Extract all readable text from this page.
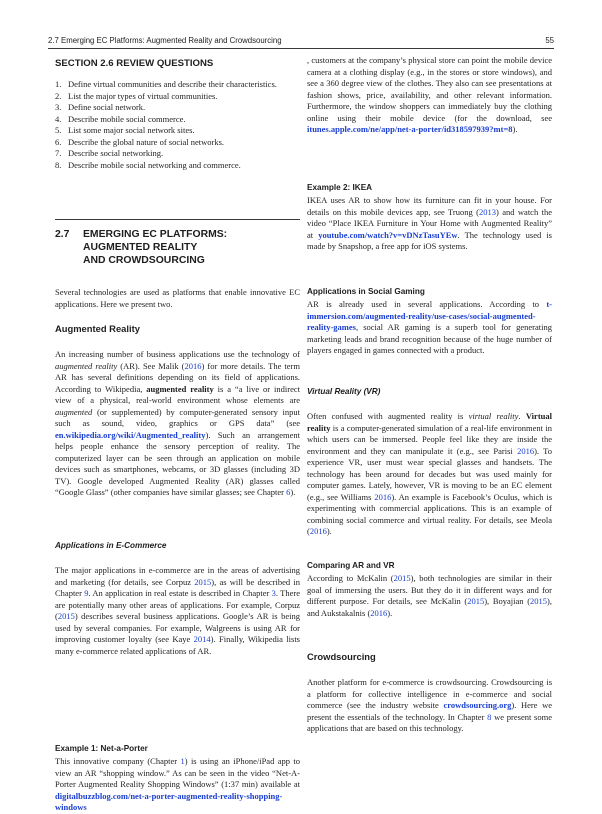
2.7 Emerging EC Platforms: Augmented Reality and Crowdsourcing	55
SECTION 2.6 REVIEW QUESTIONS
1. Define virtual communities and describe their characteristics.
2. List the major types of virtual communities.
3. Define social network.
4. Describe mobile social commerce.
5. List some major social network sites.
6. Describe the global nature of social networks.
7. Describe social networking.
8. Describe mobile social networking and commerce.
2.7	EMERGING EC PLATFORMS:
AUGMENTED REALITY
AND CROWDSOURCING

Several technologies are used as platforms that enable innovative EC applications. Here we present two.

Augmented Reality

An increasing number of business applications use the technology of augmented reality (AR). See Malik (2016) for more details. The term AR has several definitions depending on its field of applications. According to Wikipedia, augmented reality is a “a live or indirect view of a physical, real-world environment whose elements are augmented (or supplemented) by computer-generated sensory input such as sound, video, graphics or GPS data” (see en.wikipedia.org/wiki/Augmented_reality). Such an arrangement helps people enhance the sensory perception of reality. The computerized layer can be seen through an application on mobile devices such as smartphones, webcams, or 3D glasses (including 3D TV). Google developed Augmented Reality (AR) glasses called “Google Glass” (other companies have similar glasses; see Chapter 6).

Applications in E-Commerce

The major applications in e-commerce are in the areas of advertising and marketing (for details, see Corpuz 2015), as will be described in Chapter 9. An application in real estate is described in Chapter 3. There are potentially many other areas of applications. For example, Corpuz (2015) describes several business applications. Google’s AR is being used by several companies. For example, Walgreens is using AR for improving customer loyalty (see Kaye 2014). Finally, Wikipedia lists many e-commerce related applications of AR.

Example 1: Net-a-Porter

This innovative company (Chapter 1) is using an iPhone/iPad app to view an AR “shopping window.” As can be seen in the video “Net-A-Porter Augmented Reality Shopping Windows” (1:37 min) available at digitalbuzzblog.com/net-a-porter-augmented-reality-shopping-windows

, customers at the company’s physical store can point the mobile device camera at a clothing display (e.g., in the stores or store windows), and see a 360 degree view of the clothes. They also can see presentations at fashion shows, price, availability, and other relevant information. Furthermore, the window shoppers can immediately buy the clothing online using their mobile device (for the download, see itunes.apple.com/ne/app/net-a-porter/id318597939?mt=8).

Example 2: IKEA

IKEA uses AR to show how its furniture can fit in your house. For details on this mobile devices app, see Truong (2013) and watch the video “Place IKEA Furniture in Your Home with Augmented Reality” at youtube.com/watch?v=vDNzTasuYEw. The technology used is made by Snapshop, a free app for iOS systems.

Applications in Social Gaming

AR is already used in several applications. According to t-immersion.com/augmented-reality/use-cases/social-augmented-reality-games, social AR gaming is a superb tool for generating marketing leads and brand recognition because of the huge number of players engaged in games connected with a product.

Virtual Reality (VR)

Often confused with augmented reality is virtual reality. Virtual reality is a computer-generated simulation of a real-life environment in which users can be immersed. People feel like they are inside the environment and they can manipulate it (e.g., see Parisi 2016). To experience VR, user must wear special glasses and handsets. The technology has been around for decades but was used mainly for computer games. Lately, however, VR is moving to be an EC element (e.g., see Williams 2016). An example is Facebook’s Oculus, which is experimenting with commercial applications. This is an example of combining social commerce and virtual reality. For details, see Meola (2016).

Comparing AR and VR

According to McKalin (2015), both technologies are similar in their goal of immersing the users. But they do it in different ways and for different purpose. For details, see McKalin (2015), Boyajian (2015), and Aukstakalnis (2016).

Crowdsourcing

Another platform for e-commerce is crowdsourcing. Crowdsourcing is a platform for collective intelligence in e-commerce and social commerce (see the industry website crowdsourcing.org). Here we present the essentials of the technology. In Chapter 8 we present some applications that are based on this technology.
